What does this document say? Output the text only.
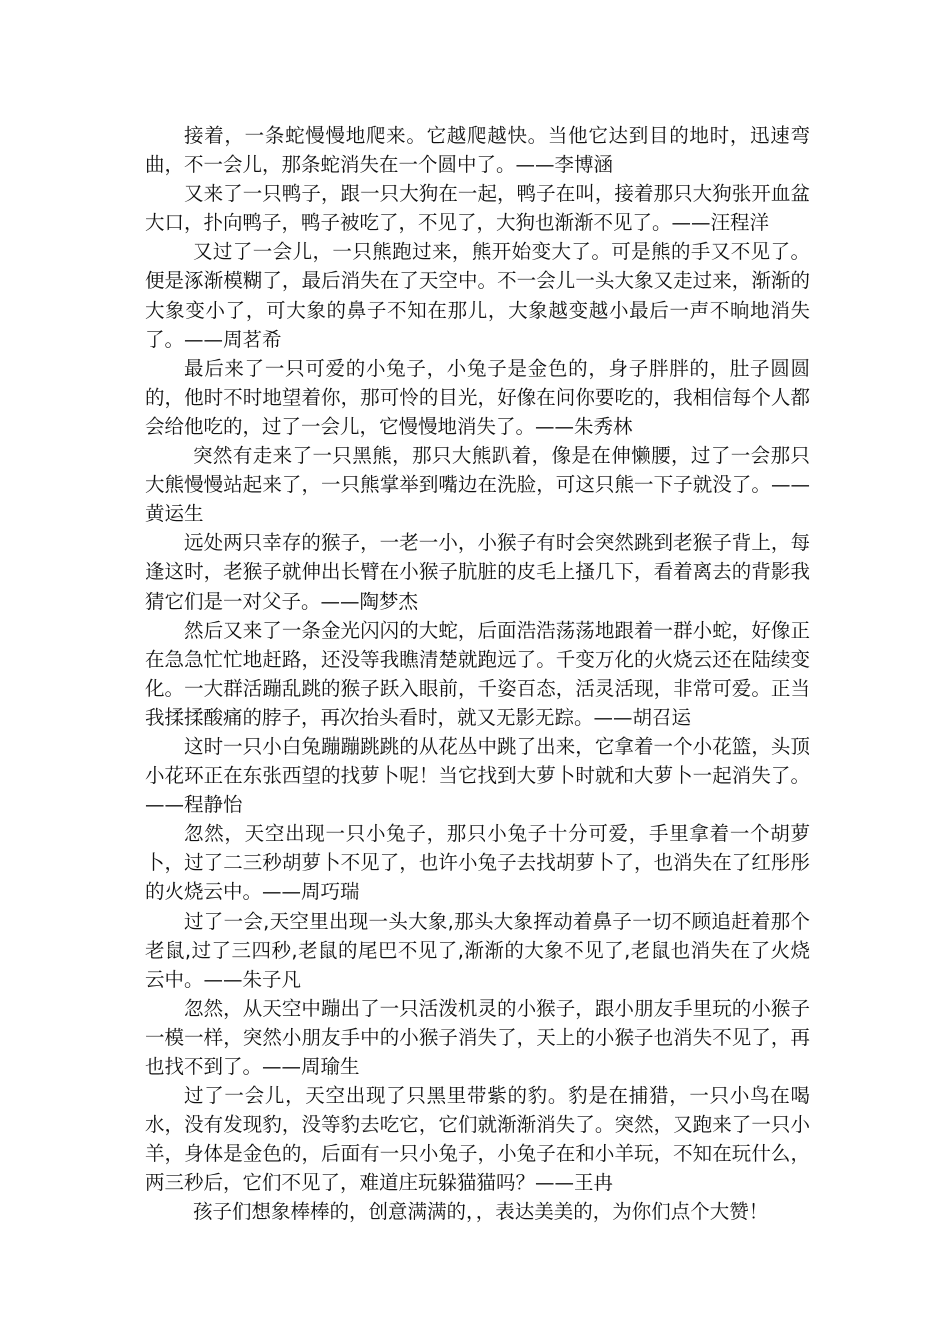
接着，一条蛇慢慢地爬来。它越爬越快。当他它达到目的地时，迅速弯曲，不一会儿，那条蛇消失在一个圆中了。——李博涵

又来了一只鸭子，跟一只大狗在一起，鸭子在叫，接着那只大狗张开血盆大口，扑向鸭子，鸭子被吃了，不见了，大狗也渐渐不见了。——汪程洋

又过了一会儿，一只熊跑过来，熊开始变大了。可是熊的手又不见了。便是涿渐模糊了，最后消失在了天空中。不一会儿一头大象又走过来，渐渐的大象变小了，可大象的鼻子不知在那儿，大象越变越小最后一声不晌地消失了。——周茗希

最后来了一只可爱的小兔子，小兔子是金色的，身子胖胖的，肚子圆圆的，他时不时地望着你，那可怜的目光，好像在问你要吃的，我相信每个人都会给他吃的，过了一会儿，它慢慢地消失了。——朱秀林

突然有走来了一只黑熊，那只大熊趴着，像是在伸懒腰，过了一会那只大熊慢慢站起来了，一只熊掌举到嘴边在洗脸，可这只熊一下子就没了。——黄运生

远处两只幸存的猴子，一老一小，小猴子有时会突然跳到老猴子背上，每逢这时，老猴子就伸出长臂在小猴子肮脏的皮毛上搔几下，看着离去的背影我猜它们是一对父子。——陶梦杰

然后又来了一条金光闪闪的大蛇，后面浩浩荡荡地跟着一群小蛇，好像正在急急忙忙地赶路，还没等我瞧清楚就跑远了。千变万化的火烧云还在陆续变化。一大群活蹦乱跳的猴子跃入眼前，千姿百态，活灵活现，非常可爱。正当我揉揉酸痛的脖子，再次抬头看时，就又无影无踪。——胡召运

这时一只小白兔蹦蹦跳跳的从花丛中跳了出来，它拿着一个小花篮，头顶小花环正在东张西望的找萝卜呢！当它找到大萝卜时就和大萝卜一起消失了。——程静怡

忽然，天空出现一只小兔子，那只小兔子十分可爱，手里拿着一个胡萝卜，过了二三秒胡萝卜不见了，也许小兔子去找胡萝卜了，也消失在了红彤彤的火烧云中。——周巧瑞

过了一会,天空里出现一头大象,那头大象挥动着鼻子一切不顾追赶着那个老鼠,过了三四秒,老鼠的尾巴不见了,渐渐的大象不见了,老鼠也消失在了火烧云中。——朱子凡

忽然，从天空中蹦出了一只活泼机灵的小猴子，跟小朋友手里玩的小猴子一模一样，突然小朋友手中的小猴子消失了，天上的小猴子也消失不见了，再也找不到了。——周瑜生

过了一会儿，天空出现了只黑里带紫的豹。豹是在捕猎，一只小鸟在喝水，没有发现豹，没等豹去吃它，它们就渐渐消失了。突然，又跑来了一只小羊，身体是金色的，后面有一只小兔子，小兔子在和小羊玩，不知在玩什么，两三秒后，它们不见了，难道庄玩躲猫猫吗？——王冉

孩子们想象棒棒的，创意满满的，，表达美美的，为你们点个大赞！
